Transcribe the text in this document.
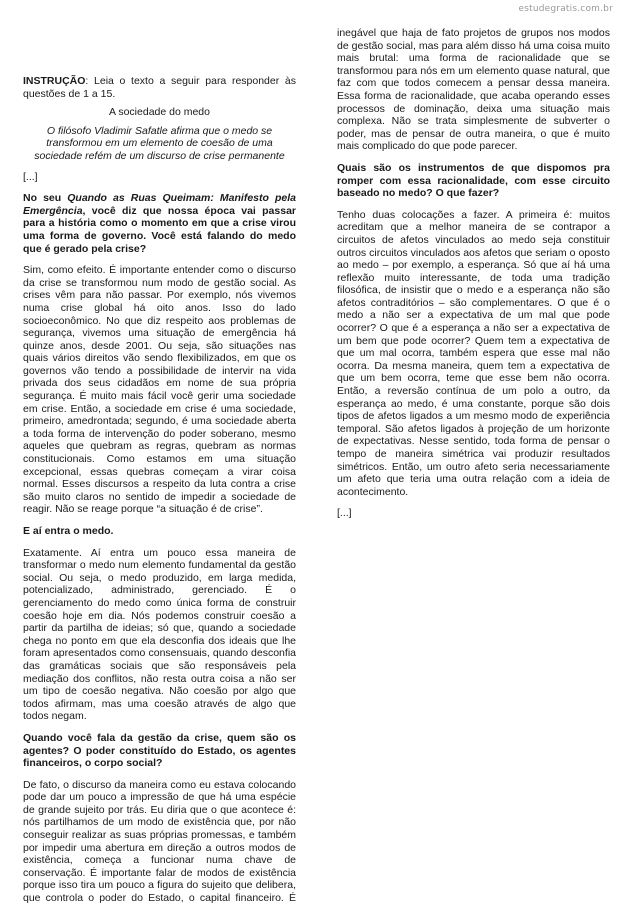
estudegratis.com.br

INSTRUÇÃO: Leia o texto a seguir para responder às questões de 1 a 15.

A sociedade do medo

O filósofo Vladimir Safatle afirma que o medo se transformou em um elemento de coesão de uma sociedade refém de um discurso de crise permanente

[...]

No seu Quando as Ruas Queimam: Manifesto pela Emergência, você diz que nossa época vai passar para a história como o momento em que a crise virou uma forma de governo. Você está falando do medo que é gerado pela crise?

Sim, como efeito. É importante entender como o discurso da crise se transformou num modo de gestão social. As crises vêm para não passar. Por exemplo, nós vivemos numa crise global há oito anos. Isso do lado socioeconômico. No que diz respeito aos problemas de segurança, vivemos uma situação de emergência há quinze anos, desde 2001. Ou seja, são situações nas quais vários direitos vão sendo flexibilizados, em que os governos vão tendo a possibilidade de intervir na vida privada dos seus cidadãos em nome de sua própria segurança. É muito mais fácil você gerir uma sociedade em crise. Então, a sociedade em crise é uma sociedade, primeiro, amedrontada; segundo, é uma sociedade aberta a toda forma de intervenção do poder soberano, mesmo aqueles que quebram as regras, quebram as normas constitucionais. Como estamos em uma situação excepcional, essas quebras começam a virar coisa normal. Esses discursos a respeito da luta contra a crise são muito claros no sentido de impedir a sociedade de reagir. Não se reage porque “a situação é de crise”.

E aí entra o medo.

Exatamente. Aí entra um pouco essa maneira de transformar o medo num elemento fundamental da gestão social. Ou seja, o medo produzido, em larga medida, potencializado, administrado, gerenciado. É o gerenciamento do medo como única forma de construir coesão hoje em dia. Nós podemos construir coesão a partir da partilha de ideias; só que, quando a sociedade chega no ponto em que ela desconfia dos ideais que lhe foram apresentados como consensuais, quando desconfia das gramáticas sociais que são responsáveis pela mediação dos conflitos, não resta outra coisa a não ser um tipo de coesão negativa. Não coesão por algo que todos afirmam, mas uma coesão através de algo que todos negam.

Quando você fala da gestão da crise, quem são os agentes? O poder constituído do Estado, os agentes financeiros, o corpo social?

De fato, o discurso da maneira como eu estava colocando pode dar um pouco a impressão de que há uma espécie de grande sujeito por trás. Eu diria que o que acontece é: nós partilhamos de um modo de existência que, por não conseguir realizar as suas próprias promessas, e também por impedir uma abertura em direção a outros modos de existência, começa a funcionar numa chave de conservação. É importante falar de modos de existência porque isso tira um pouco a figura do sujeito que delibera, que controla o poder do Estado, o capital financeiro. É

inegável que haja de fato projetos de grupos nos modos de gestão social, mas para além disso há uma coisa muito mais brutal: uma forma de racionalidade que se transformou para nós em um elemento quase natural, que faz com que todos comecem a pensar dessa maneira. Essa forma de racionalidade, que acaba operando esses processos de dominação, deixa uma situação mais complexa. Não se trata simplesmente de subverter o poder, mas de pensar de outra maneira, o que é muito mais complicado do que pode parecer.

Quais são os instrumentos de que dispomos pra romper com essa racionalidade, com esse circuito baseado no medo? O que fazer?

Tenho duas colocações a fazer. A primeira é: muitos acreditam que a melhor maneira de se contrapor a circuitos de afetos vinculados ao medo seja constituir outros circuitos vinculados aos afetos que seriam o oposto ao medo – por exemplo, a esperança. Só que aí há uma reflexão muito interessante, de toda uma tradição filosófica, de insistir que o medo e a esperança não são afetos contraditórios – são complementares. O que é o medo a não ser a expectativa de um mal que pode ocorrer? O que é a esperança a não ser a expectativa de um bem que pode ocorrer? Quem tem a expectativa de que um mal ocorra, também espera que esse mal não ocorra. Da mesma maneira, quem tem a expectativa de que um bem ocorra, teme que esse bem não ocorra. Então, a reversão contínua de um polo a outro, da esperança ao medo, é uma constante, porque são dois tipos de afetos ligados a um mesmo modo de experiência temporal. São afetos ligados à projeção de um horizonte de expectativas. Nesse sentido, toda forma de pensar o tempo de maneira simétrica vai produzir resultados simétricos. Então, um outro afeto seria necessariamente um afeto que teria uma outra relação com a ideia de acontecimento.

[...]
